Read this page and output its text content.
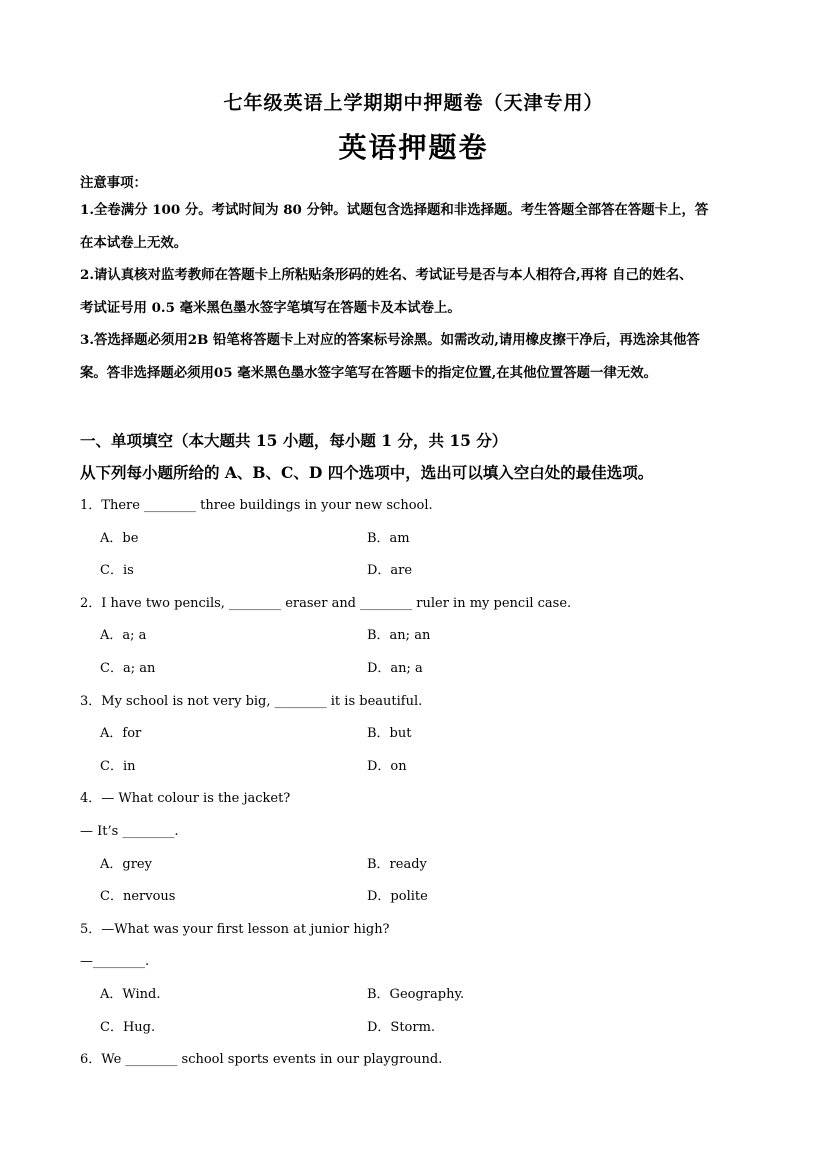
七年级英语上学期期中押题卷（天津专用）
英语押题卷
注意事项：

1.全卷满分 100 分。考试时间为 80 分钟。试题包含选择题和非选择题。考生答题全部答在答题卡上，答

在本试卷上无效。

2.请认真核对监考教师在答题卡上所粘贴条形码的姓名、考试证号是否与本人相符合,再将 自己的姓名、

考试证号用 0.5 毫米黑色墨水签字笔填写在答题卡及本试卷上。

3.答选择题必须用2B 铅笔将答题卡上对应的答案标号涂黑。如需改动,请用橡皮擦干净后，再选涂其他答

案。答非选择题必须用05 毫米黑色墨水签字笔写在答题卡的指定位置,在其他位置答题一律无效。

一、单项填空（本大题共 15 小题，每小题 1 分，共 15 分）
从下列每小题所给的 A、B、C、D 四个选项中，选出可以填入空白处的最佳选项。
1．There ________ three buildings in your new school.
A．be	B．am
C．is	D．are
2．I have two pencils, ________ eraser and ________ ruler in my pencil case.
A．a; a	B．an; an
C．a; an	D．an; a
3．My school is not very big, ________ it is beautiful.
A．for	B．but
C．in	D．on
4．— What colour is the jacket?
— It’s ________.
A．grey	B．ready
C．nervous	D．polite
5．—What was your first lesson at junior high?
—________.
A．Wind.	B．Geography.
C．Hug.	D．Storm.
6．We ________ school sports events in our playground.
